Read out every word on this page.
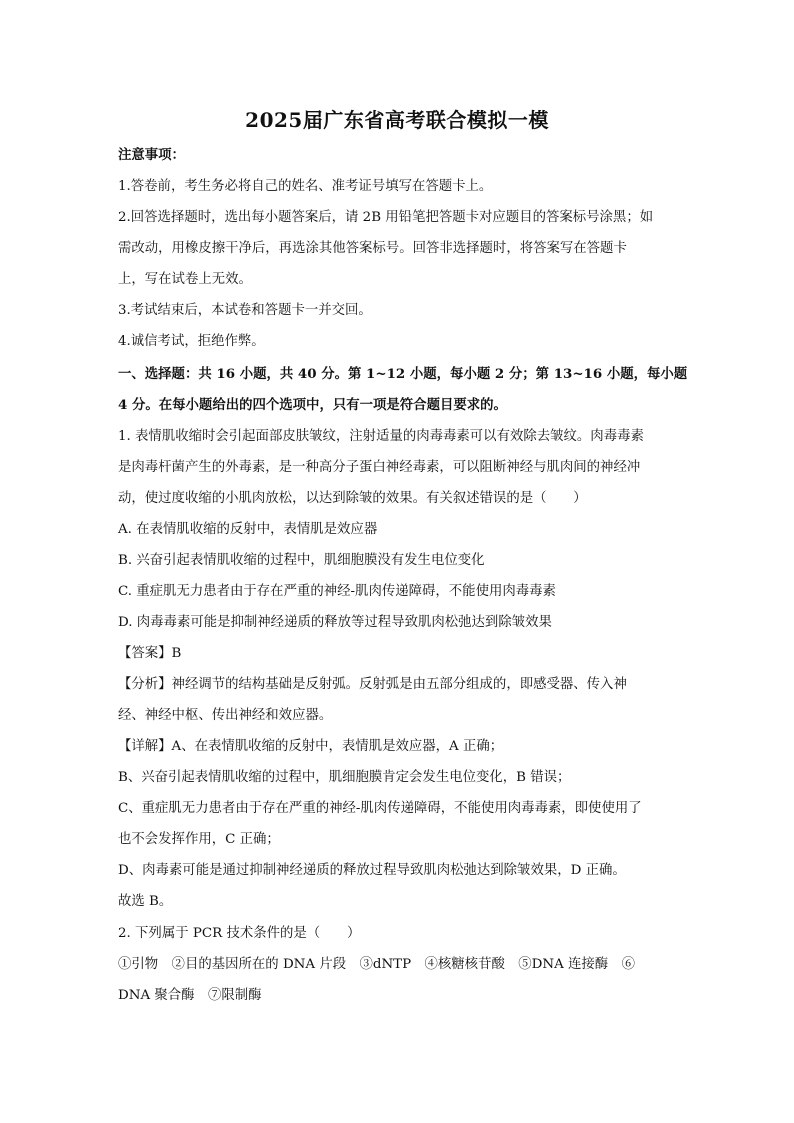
2025届广东省高考联合模拟一模
注意事项：
1.答卷前，考生务必将自己的姓名、准考证号填写在答题卡上。
2.回答选择题时，选出每小题答案后，请 2B 用铅笔把答题卡对应题目的答案标号涂黑；如
需改动，用橡皮擦干净后，再选涂其他答案标号。回答非选择题时，将答案写在答题卡
上，写在试卷上无效。
3.考试结束后，本试卷和答题卡一并交回。
4.诚信考试，拒绝作弊。
一、选择题：共 16 小题，共 40 分。第 1~12 小题，每小题 2 分；第 13~16 小题，每小题
4 分。在每小题给出的四个选项中，只有一项是符合题目要求的。
1. 表情肌收缩时会引起面部皮肤皱纹，注射适量的肉毒毒素可以有效除去皱纹。肉毒毒素
是肉毒杆菌产生的外毒素，是一种高分子蛋白神经毒素，可以阻断神经与肌肉间的神经冲
动，使过度收缩的小肌肉放松，以达到除皱的效果。有关叙述错误的是（　　）
A. 在表情肌收缩的反射中，表情肌是效应器
B. 兴奋引起表情肌收缩的过程中，肌细胞膜没有发生电位变化
C. 重症肌无力患者由于存在严重的神经-肌肉传递障碍，不能使用肉毒毒素
D. 肉毒毒素可能是抑制神经递质的释放等过程导致肌肉松弛达到除皱效果
【答案】B
【分析】神经调节的结构基础是反射弧。反射弧是由五部分组成的，即感受器、传入神
经、神经中枢、传出神经和效应器。
【详解】A、在表情肌收缩的反射中，表情肌是效应器，A 正确；
B、兴奋引起表情肌收缩的过程中，肌细胞膜肯定会发生电位变化，B 错误；
C、重症肌无力患者由于存在严重的神经-肌肉传递障碍，不能使用肉毒毒素，即使使用了
也不会发挥作用，C 正确；
D、肉毒素可能是通过抑制神经递质的释放过程导致肌肉松弛达到除皱效果，D 正确。
故选 B。
2. 下列属于 PCR 技术条件的是（　　）
①引物　②目的基因所在的 DNA 片段　③dNTP　④核糖核苷酸　⑤DNA 连接酶　⑥
DNA 聚合酶　⑦限制酶
